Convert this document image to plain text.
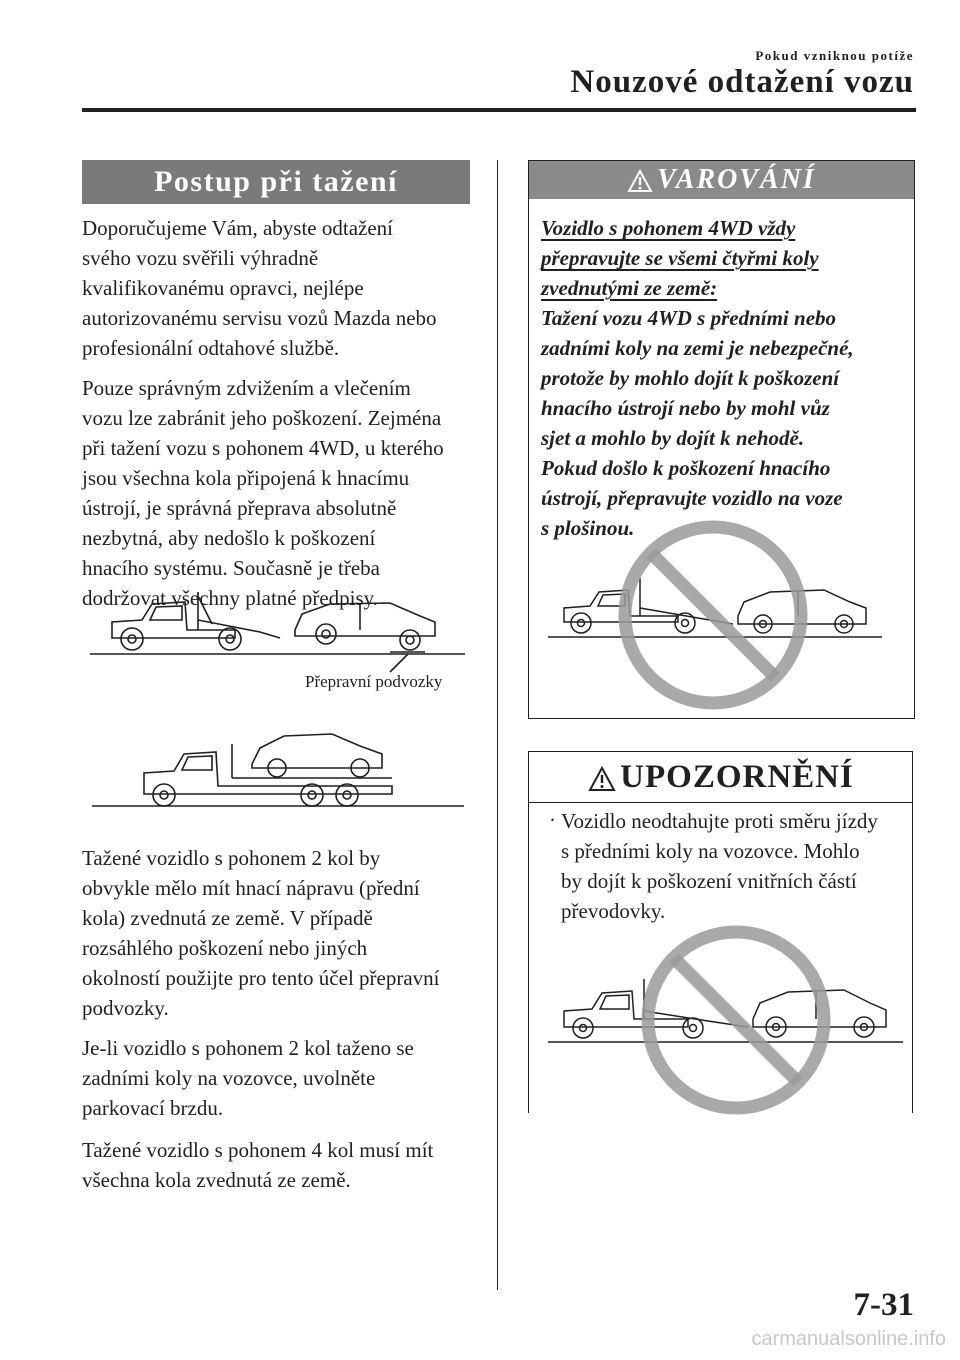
Pokud vzniknou potíže
Nouzové odtažení vozu
Postup při tažení
Doporučujeme Vám, abyste odtažení
svého vozu svěřili výhradně
kvalifikovanému opravci, nejlépe
autorizovanému servisu vozů Mazda nebo
profesionální odtahové službě.
Pouze správným zdvižením a vlečením
vozu lze zabránit jeho poškození. Zejména
při tažení vozu s pohonem 4WD, u kterého
jsou všechna kola připojená k hnacímu
ústrojí, je správná přeprava absolutně
nezbytná, aby nedošlo k poškození
hnacího systému. Současně je třeba
dodržovat všechny platné předpisy.
Přepravní podvozky
Tažené vozidlo s pohonem 2 kol by
obvykle mělo mít hnací nápravu (přední
kola) zvednutá ze země. V případě
rozsáhlého poškození nebo jiných
okolností použijte pro tento účel přepravní
podvozky.
Je-li vozidlo s pohonem 2 kol taženo se
zadními koly na vozovce, uvolněte
parkovací brzdu.
Tažené vozidlo s pohonem 4 kol musí mít
všechna kola zvednutá ze země.
VAROVÁNÍ
Vozidlo s pohonem 4WD vždy
přepravujte se všemi čtyřmi koly
zvednutými ze země:
Tažení vozu 4WD s předními nebo
zadními koly na zemi je nebezpečné,
protože by mohlo dojít k poškození
hnacího ústrojí nebo by mohl vůz
sjet a mohlo by dojít k nehodě.
Pokud došlo k poškození hnacího
ústrojí, přepravujte vozidlo na voze
s plošinou.
UPOZORNĚNÍ
· Vozidlo neodtahujte proti směru jízdy
s předními koly na vozovce. Mohlo
by dojít k poškození vnitřních částí
převodovky.
7-31
carmanualsonline.info
